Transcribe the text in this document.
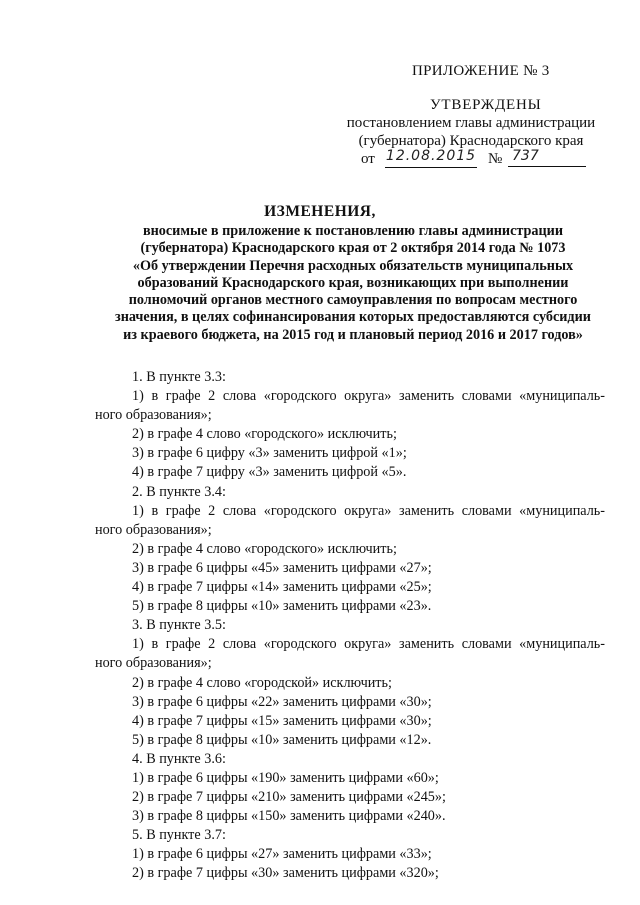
ПРИЛОЖЕНИЕ № 3
УТВЕРЖДЕНЫ
постановлением главы администрации
(губернатора) Краснодарского края
от 12.08.2015 № 737
ИЗМЕНЕНИЯ,
вносимые в приложение к постановлению главы администрации
(губернатора) Краснодарского края от 2 октября 2014 года № 1073
«Об утверждении Перечня расходных обязательств муниципальных
образований Краснодарского края, возникающих при выполнении
полномочий органов местного самоуправления по вопросам местного
значения, в целях софинансирования которых предоставляются субсидии
из краевого бюджета, на 2015 год и плановый период 2016 и 2017 годов»
1. В пункте 3.3:
1) в графе 2 слова «городского округа» заменить словами «муниципаль-
ного образования»;
2) в графе 4 слово «городского» исключить;
3) в графе 6 цифру «3» заменить цифрой «1»;
4) в графе 7 цифру «3» заменить цифрой «5».
2. В пункте 3.4:
1) в графе 2 слова «городского округа» заменить словами «муниципаль-
ного образования»;
2) в графе 4 слово «городского» исключить;
3) в графе 6 цифры «45» заменить цифрами «27»;
4) в графе 7 цифры «14» заменить цифрами «25»;
5) в графе 8 цифры «10» заменить цифрами «23».
3. В пункте 3.5:
1) в графе 2 слова «городского округа» заменить словами «муниципаль-
ного образования»;
2) в графе 4 слово «городской» исключить;
3) в графе 6 цифры «22» заменить цифрами «30»;
4) в графе 7 цифры «15» заменить цифрами «30»;
5) в графе 8 цифры «10» заменить цифрами «12».
4. В пункте 3.6:
1) в графе 6 цифры «190» заменить цифрами «60»;
2) в графе 7 цифры «210» заменить цифрами «245»;
3) в графе 8 цифры «150» заменить цифрами «240».
5. В пункте 3.7:
1) в графе 6 цифры «27» заменить цифрами «33»;
2) в графе 7 цифры «30» заменить цифрами «320»;
